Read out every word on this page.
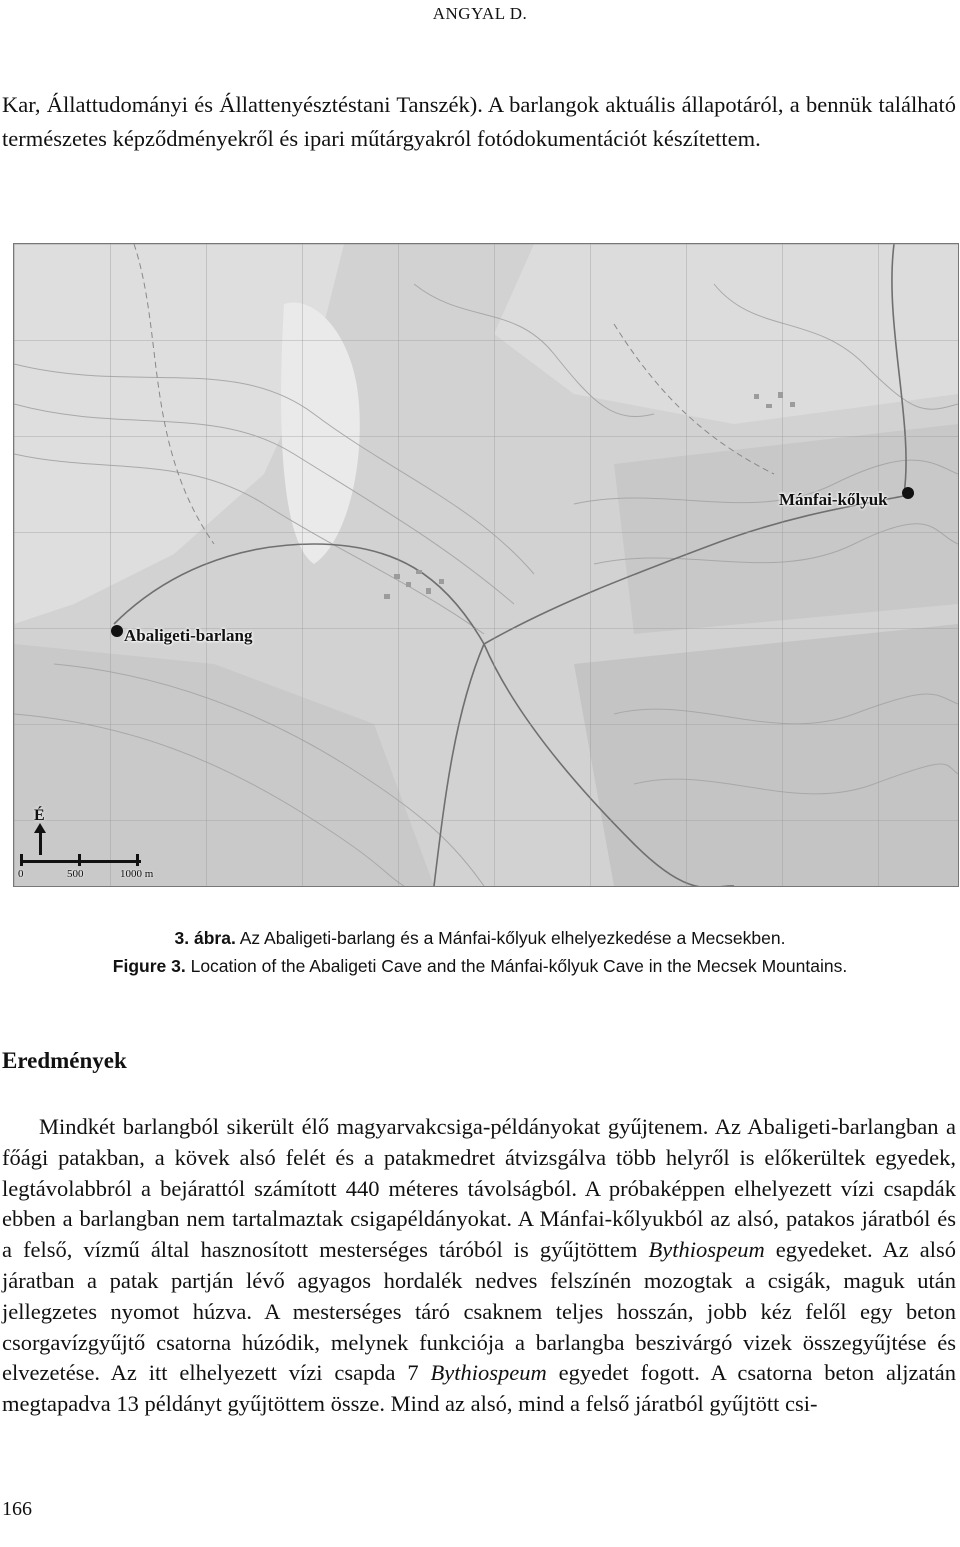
ANGYAL D.

Kar, Állattudományi és Állattenyésztéstani Tanszék). A barlangok aktuális állapotáról, a bennük található természetes képződményekről és ipari műtárgyakról fotódokumentációt készítettem.

Abaligeti-barlang
Mánfai-kőlyuk
É
0	500	1000 m
3. ábra. Az Abaligeti-barlang és a Mánfai-kőlyuk elhelyezkedése a Mecsekben.
Figure 3. Location of the Abaligeti Cave and the Mánfai-kőlyuk Cave in the Mecsek Mountains.
Eredmények

Mindkét barlangból sikerült élő magyarvakcsiga-példányokat gyűjtenem. Az Abaligeti-barlangban a főági patakban, a kövek alsó felét és a patakmedret átvizsgálva több helyről is előkerültek egyedek, legtávolabbról a bejárattól számított 440 méteres távolságból. A próbaképpen elhelyezett vízi csapdák ebben a barlangban nem tartalmaztak csigapéldányokat. A Mánfai-kőlyukból az alsó, patakos járatból és a felső, vízmű által hasznosított mesterséges táróból is gyűjtöttem Bythiospeum egyedeket. Az alsó járatban a patak partján lévő agyagos hordalék nedves felszínén mozogtak a csigák, maguk után jellegzetes nyomot húzva. A mesterséges táró csaknem teljes hosszán, jobb kéz felől egy beton csorgavízgyűjtő csatorna húzódik, melynek funkciója a barlangba beszivárgó vizek összegyűjtése és elvezetése. Az itt elhelyezett vízi csapda 7 Bythiospeum egyedet fogott. A csatorna beton aljzatán megtapadva 13 példányt gyűjtöttem össze. Mind az alsó, mind a felső járatból gyűjtött csi-

166
